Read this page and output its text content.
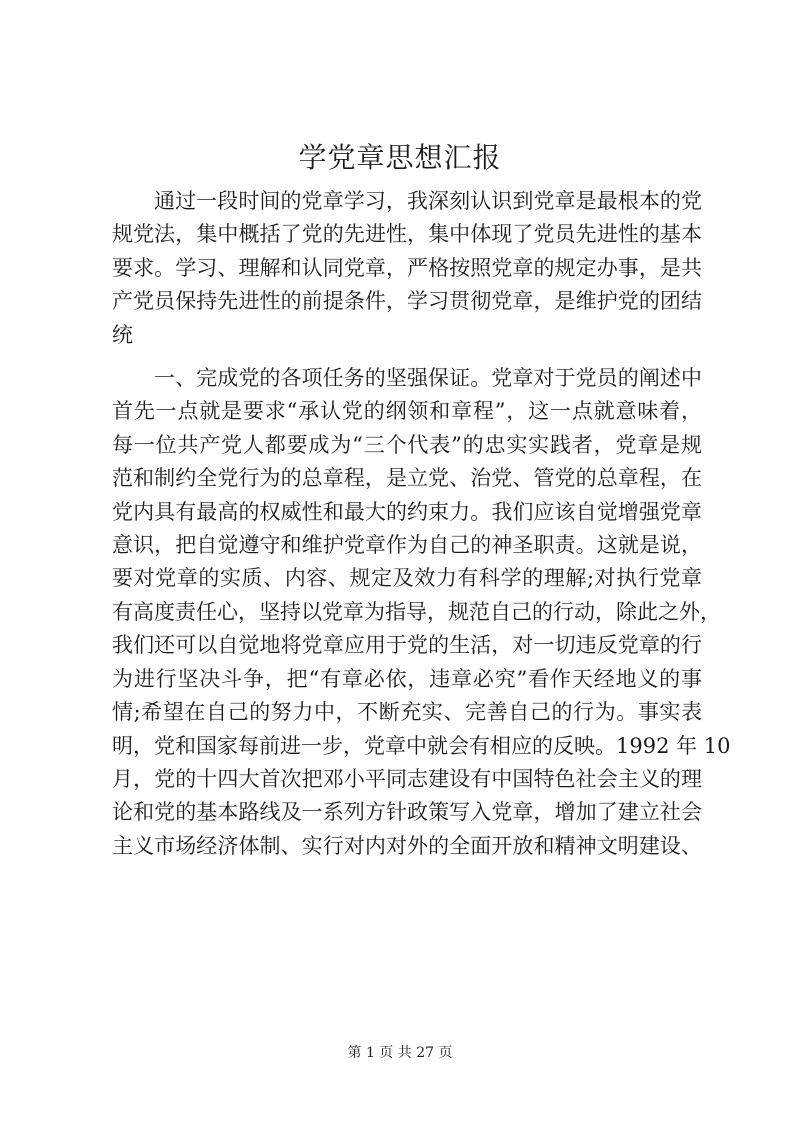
学党章思想汇报

通过一段时间的党章学习，我深刻认识到党章是最根本的党
规党法，集中概括了党的先进性，集中体现了党员先进性的基本
要求。学习、理解和认同党章，严格按照党章的规定办事，是共
产党员保持先进性的前提条件，学习贯彻党章，是维护党的团结
统

一、完成党的各项任务的坚强保证。党章对于党员的阐述中
首先一点就是要求“承认党的纲领和章程”，这一点就意味着，
每一位共产党人都要成为“三个代表”的忠实实践者，党章是规
范和制约全党行为的总章程，是立党、治党、管党的总章程，在
党内具有最高的权威性和最大的约束力。我们应该自觉增强党章
意识，把自觉遵守和维护党章作为自己的神圣职责。这就是说，
要对党章的实质、内容、规定及效力有科学的理解;对执行党章
有高度责任心，坚持以党章为指导，规范自己的行动，除此之外，
我们还可以自觉地将党章应用于党的生活，对一切违反党章的行
为进行坚决斗争，把“有章必依，违章必究”看作天经地义的事
情;希望在自己的努力中，不断充实、完善自己的行为。事实表
明，党和国家每前进一步，党章中就会有相应的反映。1992 年 10
月，党的十四大首次把邓小平同志建设有中国特色社会主义的理
论和党的基本路线及一系列方针政策写入党章，增加了建立社会
主义市场经济体制、实行对内对外的全面开放和精神文明建设、

第 1 页 共 27 页
